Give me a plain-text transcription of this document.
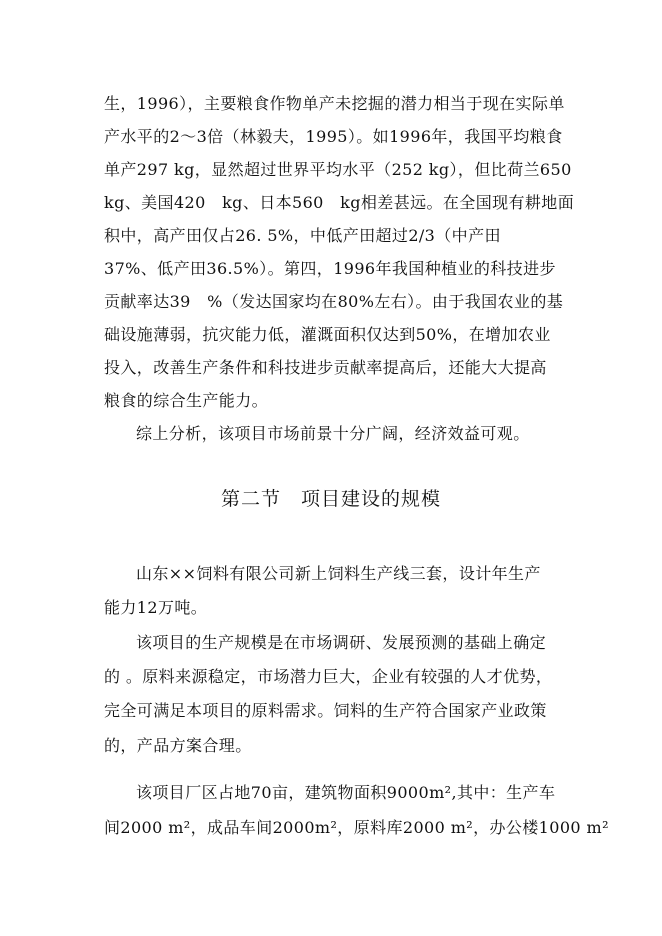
生，1996），主要粮食作物单产未挖掘的潜力相当于现在实际单
产水平的2～3倍（林毅夫，1995）。如1996年，我国平均粮食
单产297 kg，显然超过世界平均水平（252 kg），但比荷兰650
kg、美国420　kg、日本560　kg相差甚远。在全国现有耕地面
积中，高产田仅占26. 5%，中低产田超过2/3（中产田
37%、低产田36.5%）。第四，1996年我国种植业的科技进步
贡献率达39　%（发达国家均在80%左右）。由于我国农业的基
础设施薄弱，抗灾能力低，灌溉面积仅达到50%，在增加农业
投入，改善生产条件和科技进步贡献率提高后，还能大大提高
粮食的综合生产能力。
综上分析，该项目市场前景十分广阔，经济效益可观。
第二节　项目建设的规模
山东××饲料有限公司新上饲料生产线三套，设计年生产
能力12万吨。
该项目的生产规模是在市场调研、发展预测的基础上确定
的 。原料来源稳定，市场潜力巨大，企业有较强的人才优势，
完全可满足本项目的原料需求。饲料的生产符合国家产业政策
的，产品方案合理。
该项目厂区占地70亩，建筑物面积9000m²,其中：生产车
间2000 m²，成品车间2000m²，原料库2000 m²，办公楼1000 m²
